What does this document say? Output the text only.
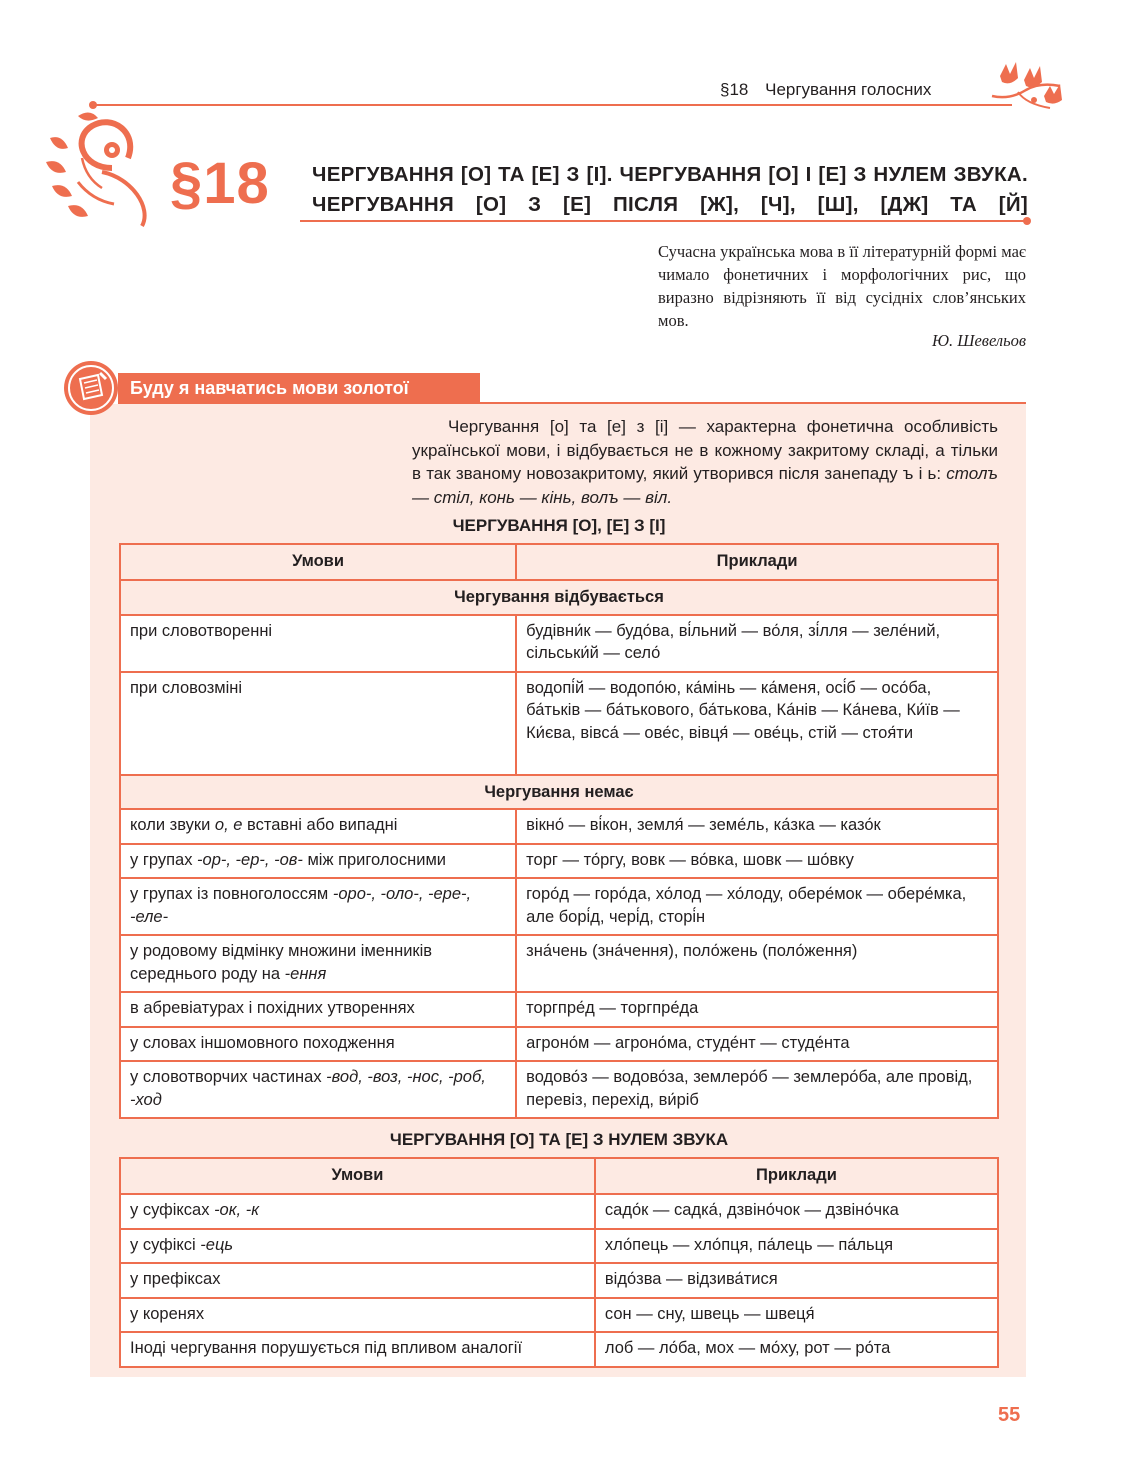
§18 Чергування голосних
§18 ЧЕРГУВАННЯ [О] ТА [Е] З [І]. ЧЕРГУВАННЯ [О] І [Е] З НУЛЕМ ЗВУКА. ЧЕРГУВАННЯ [О] З [Е] ПІСЛЯ [Ж], [Ч], [Ш], [ДЖ] ТА [Й]
Сучасна українська мова в її літературній формі має чимало фонетичних і морфологічних рис, що виразно відрізняють її від сусідніх слов’янських мов.
Ю. Шевельов
Буду я навчатись мови золотої
Чергування [о] та [е] з [і] — характерна фонетична особливість української мови, і відбувається не в кожному закритому складі, а тільки в так званому новозакритому, який утворився після занепаду ъ і ь: столъ — стіл, конь — кінь, волъ — віл.
ЧЕРГУВАННЯ [О], [Е] З [І]
Умови	Приклади
Чергування відбувається	
при словотворенні	будівни́к — будо́ва, ві́льний — во́ля, зі́лля — зеле́ний, сільськи́й — село́
при словозміні	водопі́й — водопо́ю, ка́мінь — ка́меня, осі́б — осо́ба, ба́тьків — ба́тькового, ба́тькова, Ка́нів — Ка́нева, Ки́їв — Ки́єва, вівса́ — ове́с, вівця́ — ове́ць, стій — стоя́ти
Чергування немає	
коли звуки о, е вставні або випадні	вікно́ — ві́кон, земля́ — земе́ль, ка́зка — казо́к
у групах -ор-, -ер-, -ов- між приголосними	торг — то́ргу, вовк — во́вка, шовк — шо́вку
у групах із повноголоссям -оро-, -оло-, -ере-, -еле-	горо́д — горо́да, хо́лод — хо́лоду, обере́мок — обере́мка, але борі́д, чері́д, сторі́н
у родовому відмінку множини іменників середнього роду на -ення	зна́чень (зна́чення), поло́жень (поло́ження)
в абревіатурах і похідних утвореннях	торгпре́д — торгпре́да
у словах іншомовного походження	агроно́м — агроно́ма, студе́нт — студе́нта
у словотворчих частинах -вод, -воз, -нос, -роб, -ход	водово́з — водово́за, землеро́б — землеро́ба, але провід, перевіз, перехід, ви́ріб
ЧЕРГУВАННЯ [О] ТА [Е] З НУЛЕМ ЗВУКА
Умови	Приклади
у суфіксах -ок, -к	садо́к — садка́, дзвіно́чок — дзвіно́чка
у суфіксі -ець	хло́пець — хло́пця, па́лець — па́льця
у префіксах	відо́зва — відзива́тися
у коренях	сон — сну, швець — швеця́
Іноді чергування порушується під впливом аналогії	лоб — ло́ба, мох — мо́ху, рот — ро́та
55
